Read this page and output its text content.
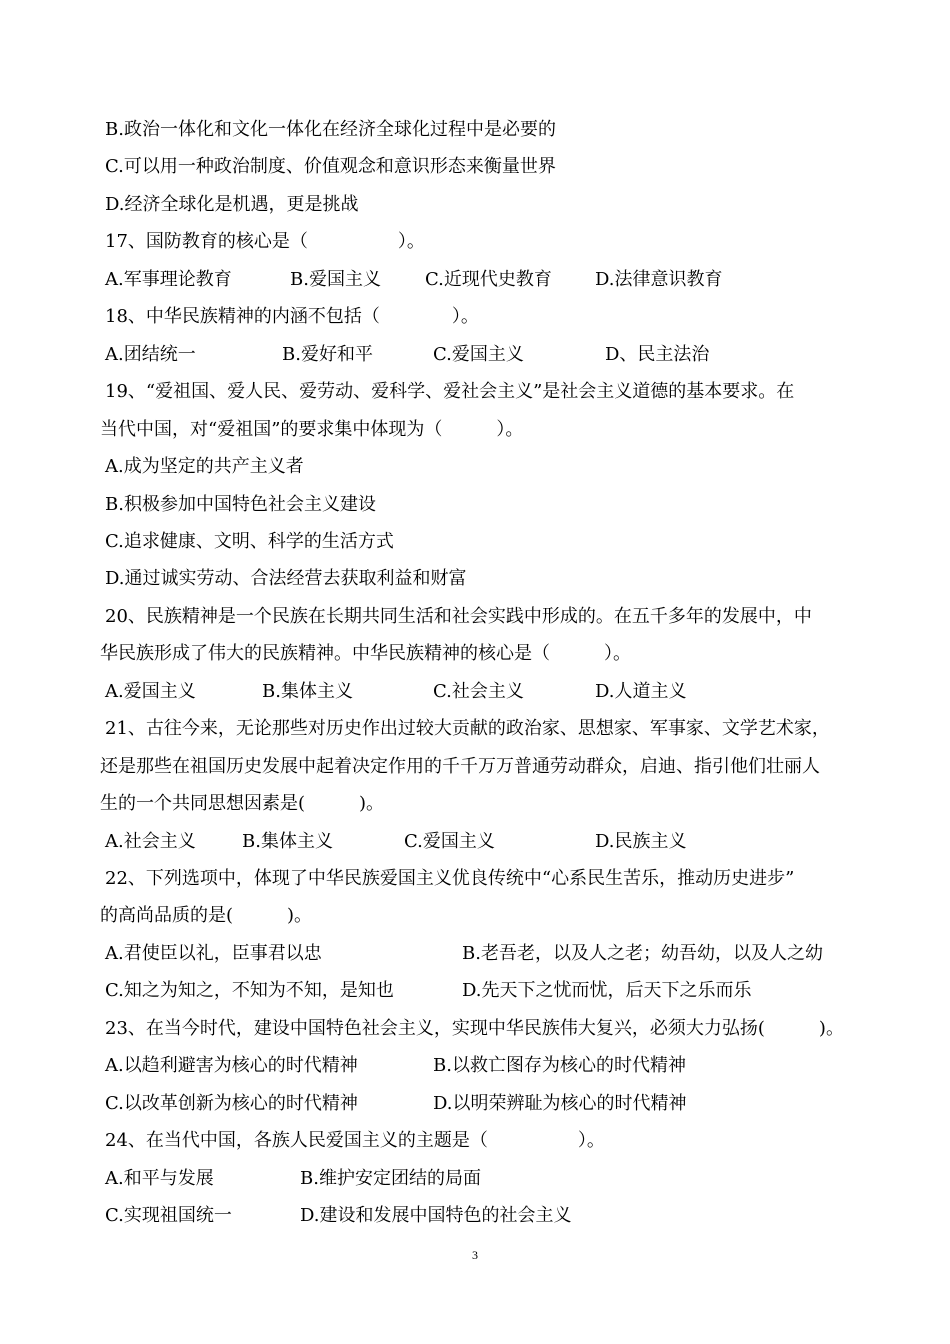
B.政治一体化和文化一体化在经济全球化过程中是必要的
C.可以用一种政治制度、价值观念和意识形态来衡量世界
D.经济全球化是机遇，更是挑战
17、国防教育的核心是（　　　　　）。
A.军事理论教育	B.爱国主义 C.近现代史教育 D.法律意识教育
18、中华民族精神的内涵不包括（　　　　）。
A.团结统一	B.爱好和平	C.爱国主义	D、民主法治
19、“爱祖国、爱人民、爱劳动、爱科学、爱社会主义”是社会主义道德的基本要求。在
当代中国，对“爱祖国”的要求集中体现为（　　　）。
A.成为坚定的共产主义者
B.积极参加中国特色社会主义建设
C.追求健康、文明、科学的生活方式
D.通过诚实劳动、合法经营去获取利益和财富
20、民族精神是一个民族在长期共同生活和社会实践中形成的。在五千多年的发展中，中
华民族形成了伟大的民族精神。中华民族精神的核心是（　　　）。
A.爱国主义	B.集体主义	C.社会主义	D.人道主义
21、古往今来，无论那些对历史作出过较大贡献的政治家、思想家、军事家、文学艺术家，
还是那些在祖国历史发展中起着决定作用的千千万万普通劳动群众，启迪、指引他们壮丽人
生的一个共同思想因素是(　　　)。
A.社会主义	B.集体主义	C.爱国主义	D.民族主义
22、下列选项中，体现了中华民族爱国主义优良传统中“心系民生苦乐，推动历史进步”
的高尚品质的是(　　　)。
A.君使臣以礼，臣事君以忠	B.老吾老，以及人之老；幼吾幼，以及人之幼
C.知之为知之，不知为不知，是知也	D.先天下之忧而忧，后天下之乐而乐
23、在当今时代，建设中国特色社会主义，实现中华民族伟大复兴，必须大力弘扬(　　　)。
A.以趋利避害为核心的时代精神	B.以救亡图存为核心的时代精神
C.以改革创新为核心的时代精神	D.以明荣辨耻为核心的时代精神
24、在当代中国，各族人民爱国主义的主题是（　　　　　）。
A.和平与发展	B.维护安定团结的局面
C.实现祖国统一	D.建设和发展中国特色的社会主义
3
